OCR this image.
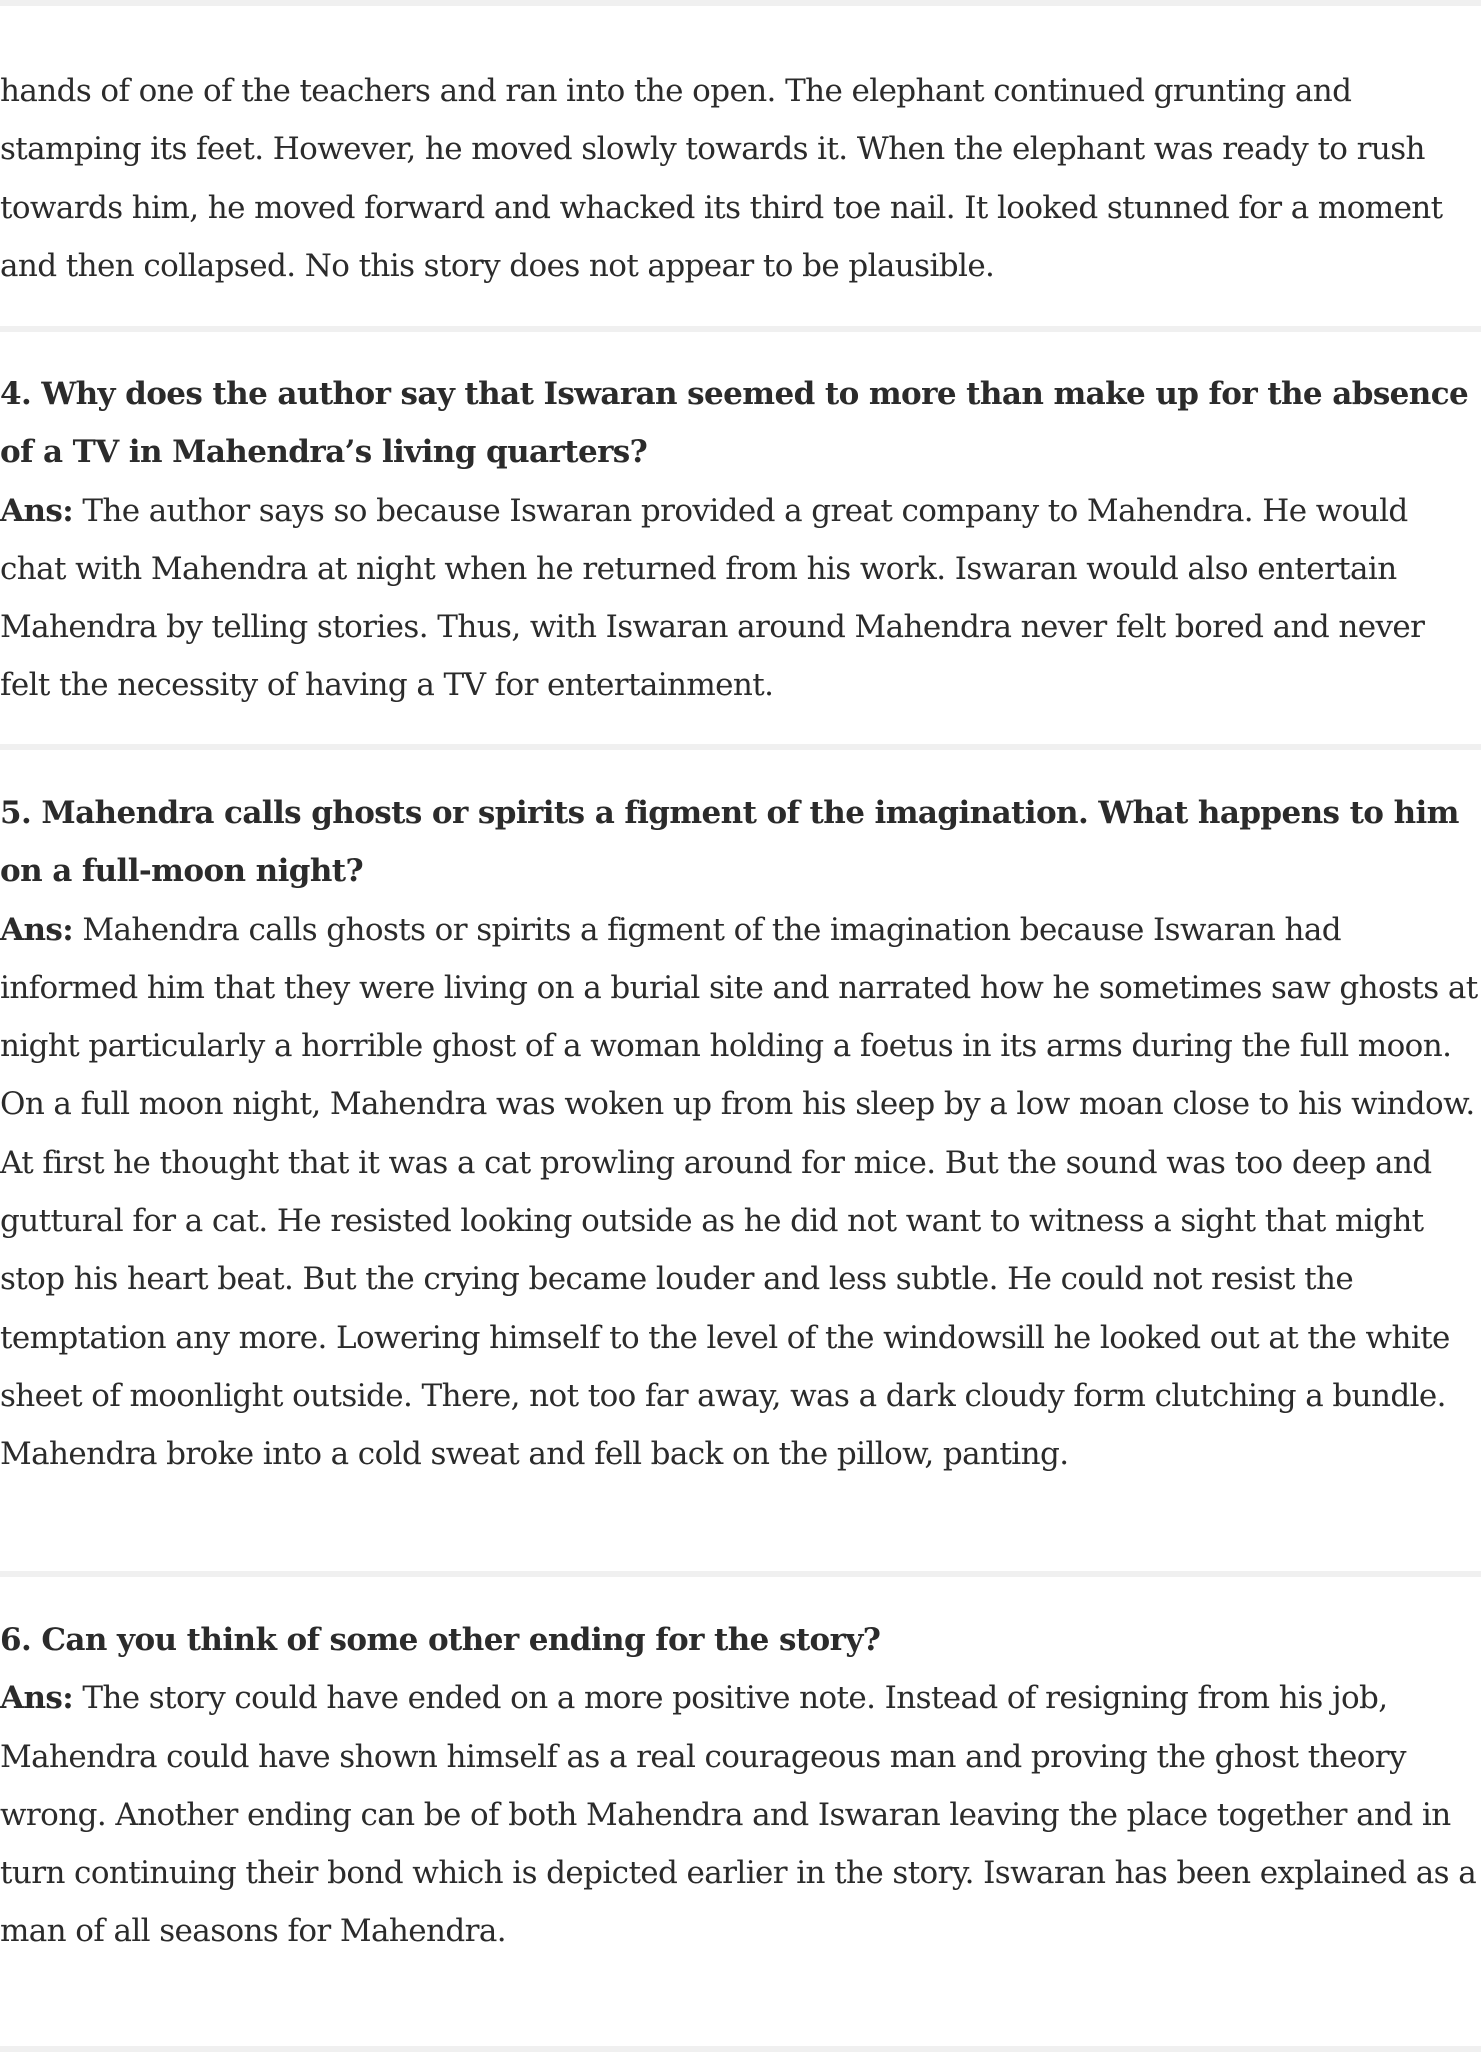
hands of one of the teachers and ran into the open. The elephant continued grunting and stamping its feet. However, he moved slowly towards it. When the elephant was ready to rush towards him, he moved forward and whacked its third toe nail. It looked stunned for a moment and then collapsed. No this story does not appear to be plausible.
4. Why does the author say that Iswaran seemed to more than make up for the absence of a TV in Mahendra’s living quarters?
Ans: The author says so because Iswaran provided a great company to Mahendra. He would chat with Mahendra at night when he returned from his work. Iswaran would also entertain Mahendra by telling stories. Thus, with Iswaran around Mahendra never felt bored and never felt the necessity of having a TV for entertainment.
5. Mahendra calls ghosts or spirits a figment of the imagination. What happens to him on a full-moon night?
Ans: Mahendra calls ghosts or spirits a figment of the imagination because Iswaran had informed him that they were living on a burial site and narrated how he sometimes saw ghosts at night particularly a horrible ghost of a woman holding a foetus in its arms during the full moon. On a full moon night, Mahendra was woken up from his sleep by a low moan close to his window. At first he thought that it was a cat prowling around for mice. But the sound was too deep and guttural for a cat. He resisted looking outside as he did not want to witness a sight that might stop his heart beat. But the crying became louder and less subtle. He could not resist the temptation any more. Lowering himself to the level of the windowsill he looked out at the white sheet of moonlight outside. There, not too far away, was a dark cloudy form clutching a bundle. Mahendra broke into a cold sweat and fell back on the pillow, panting.
6. Can you think of some other ending for the story?
Ans: The story could have ended on a more positive note. Instead of resigning from his job, Mahendra could have shown himself as a real courageous man and proving the ghost theory wrong. Another ending can be of both Mahendra and Iswaran leaving the place together and in turn continuing their bond which is depicted earlier in the story. Iswaran has been explained as a man of all seasons for Mahendra.
